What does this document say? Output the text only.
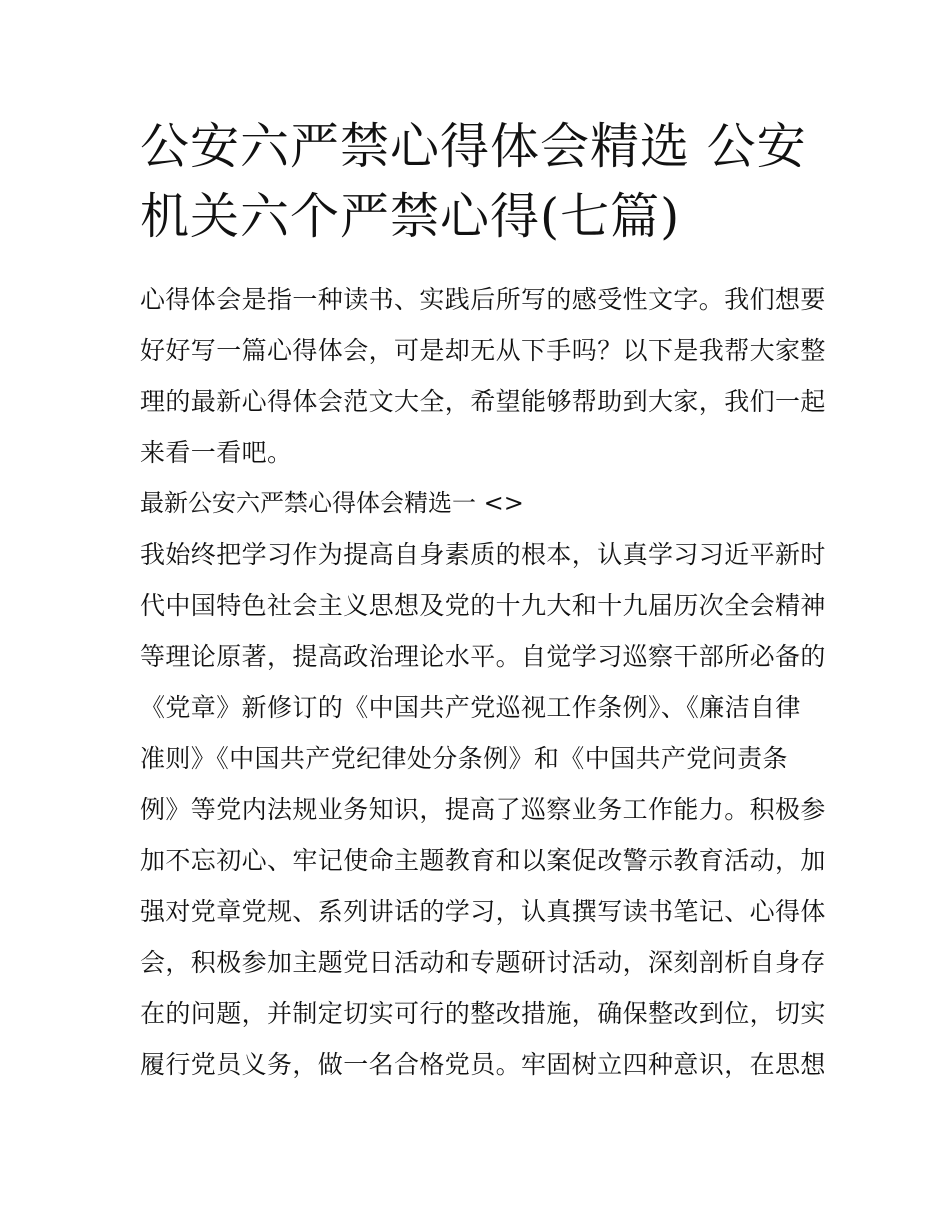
公安六严禁心得体会精选 公安
机关六个严禁心得(七篇)

心得体会是指一种读书、实践后所写的感受性文字。我们想要
好好写一篇心得体会，可是却无从下手吗？以下是我帮大家整
理的最新心得体会范文大全，希望能够帮助到大家，我们一起
来看一看吧。

最新公安六严禁心得体会精选一 <>

我始终把学习作为提高自身素质的根本，认真学习习近平新时
代中国特色社会主义思想及党的十九大和十九届历次全会精神
等理论原著，提高政治理论水平。自觉学习巡察干部所必备的
《党章》新修订的《中国共产党巡视工作条例》、《廉洁自律
准则》《中国共产党纪律处分条例》和《中国共产党问责条
例》等党内法规业务知识，提高了巡察业务工作能力。积极参
加不忘初心、牢记使命主题教育和以案促改警示教育活动，加
强对党章党规、系列讲话的学习，认真撰写读书笔记、心得体
会，积极参加主题党日活动和专题研讨活动，深刻剖析自身存
在的问题，并制定切实可行的整改措施，确保整改到位，切实
履行党员义务，做一名合格党员。牢固树立四种意识，在思想
